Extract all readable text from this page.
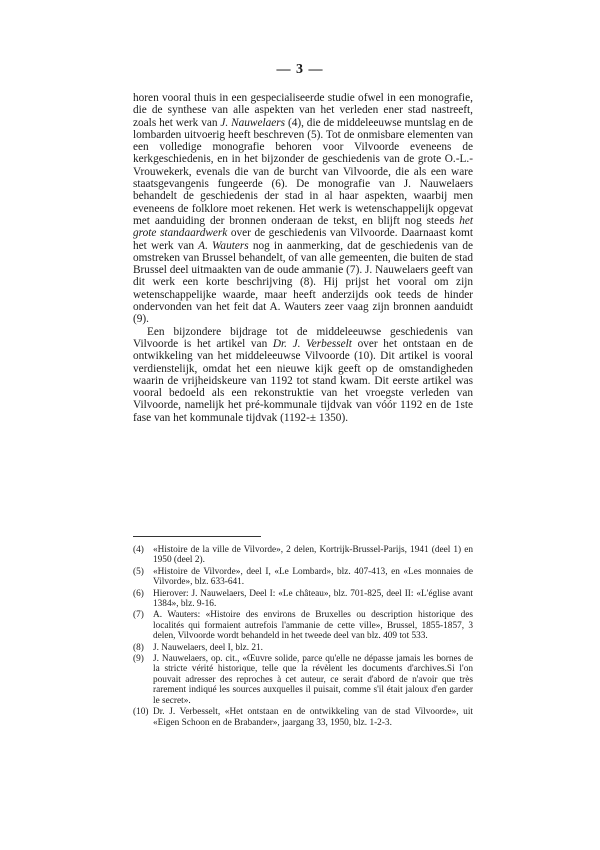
— 3 —

horen vooral thuis in een gespecialiseerde studie ofwel in een monografie, die de synthese van alle aspekten van het verleden ener stad nastreeft, zoals het werk van J. Nauwelaers (4), die de middeleeuwse muntslag en de lombarden uitvoerig heeft beschreven (5). Tot de onmisbare elementen van een volledige monografie behoren voor Vilvoorde eveneens de kerkgeschiedenis, en in het bijzonder de geschiedenis van de grote O.-L.-Vrouwekerk, evenals die van de burcht van Vilvoorde, die als een ware staatsgevangenis fungeerde (6). De monografie van J. Nauwelaers behandelt de geschiedenis der stad in al haar aspekten, waarbij men eveneens de folklore moet rekenen. Het werk is wetenschappelijk opgevat met aanduiding der bronnen onderaan de tekst, en blijft nog steeds het grote standaardwerk over de geschiedenis van Vilvoorde. Daarnaast komt het werk van A. Wauters nog in aanmerking, dat de geschiedenis van de omstreken van Brussel behandelt, of van alle gemeenten, die buiten de stad Brussel deel uitmaakten van de oude ammanie (7). J. Nauwelaers geeft van dit werk een korte beschrijving (8). Hij prijst het vooral om zijn wetenschappelijke waarde, maar heeft anderzijds ook teeds de hinder ondervonden van het feit dat A. Wauters zeer vaag zijn bronnen aanduidt (9).

Een bijzondere bijdrage tot de middeleeuwse geschiedenis van Vilvoorde is het artikel van Dr. J. Verbesselt over het ontstaan en de ontwikkeling van het middeleeuwse Vilvoorde (10). Dit artikel is vooral verdienstelijk, omdat het een nieuwe kijk geeft op de omstandigheden waarin de vrijheidskeure van 1192 tot stand kwam. Dit eerste artikel was vooral bedoeld als een rekonstruktie van het vroegste verleden van Vilvoorde, namelijk het pré-kommunale tijdvak van vóór 1192 en de 1ste fase van het kommunale tijdvak (1192-± 1350).

(4) «Histoire de la ville de Vilvorde», 2 delen, Kortrijk-Brussel-Parijs, 1941 (deel 1) en 1950 (deel 2).
(5) «Histoire de Vilvorde», deel I, «Le Lombard», blz. 407-413, en «Les monnaies de Vilvorde», blz. 633-641.
(6) Hierover: J. Nauwelaers, Deel I: «Le château», blz. 701-825, deel II: «L'église avant 1384», blz. 9-16.
(7) A. Wauters: «Histoire des environs de Bruxelles ou description historique des localités qui formaient autrefois l'ammanie de cette ville», Brussel, 1855-1857, 3 delen, Vilvoorde wordt behandeld in het tweede deel van blz. 409 tot 533.
(8) J. Nauwelaers, deel I, blz. 21.
(9) J. Nauwelaers, op. cit., «Œuvre solide, parce qu'elle ne dépasse jamais les bornes de la stricte vérité historique, telle que la révèlent les documents d'archives.Si l'on pouvait adresser des reproches à cet auteur, ce serait d'abord de n'avoir que très rarement indiqué les sources auxquelles il puisait, comme s'il était jaloux d'en garder le secret».
(10) Dr. J. Verbesselt, «Het ontstaan en de ontwikkeling van de stad Vilvoorde», uit «Eigen Schoon en de Brabander», jaargang 33, 1950, blz. 1-2-3.
